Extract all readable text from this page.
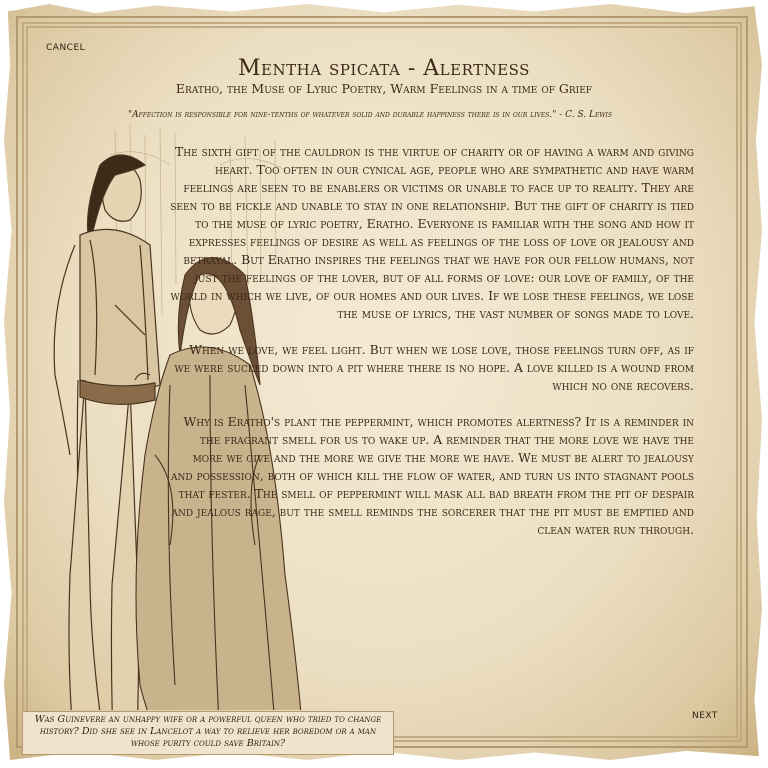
CANCEL
Mentha spicata - Alertness
Eratho, the Muse of Lyric Poetry, Warm Feelings in a time of Grief
"Affection is responsible for nine-tenths of whatever solid and durable happiness there is in our lives." - C. S. Lewis

The sixth gift of the cauldron is the virtue of charity or of having a warm and giving heart. Too often in our cynical age, people who are sympathetic and have warm feelings are seen to be enablers or victims or unable to face up to reality. They are seen to be fickle and unable to stay in one relationship. But the gift of charity is tied to the muse of lyric poetry, Eratho. Everyone is familiar with the song and how it expresses feelings of desire as well as feelings of the loss of love or jealousy and betrayal. But Eratho inspires the feelings that we have for our fellow humans, not just the feelings of the lover, but of all forms of love: our love of family, of the world in which we live, of our homes and our lives. If we lose these feelings, we lose the muse of lyrics, the vast number of songs made to love.

When we love, we feel light. But when we lose love, those feelings turn off, as if we were sucked down into a pit where there is no hope. A love killed is a wound from which no one recovers.

Why is Eratho's plant the peppermint, which promotes alertness? It is a reminder in the fragrant smell for us to wake up. A reminder that the more love we have the more we give and the more we give the more we have. We must be alert to jealousy and possession, both of which kill the flow of water, and turn us into stagnant pools that fester. The smell of peppermint will mask all bad breath from the pit of despair and jealous rage, but the smell reminds the sorcerer that the pit must be emptied and clean water run through.

Was Guinevere an unhappy wife or a powerful queen who tried to change history? Did she see in Lancelot a way to relieve her boredom or a man whose purity could save Britain?
NEXT
